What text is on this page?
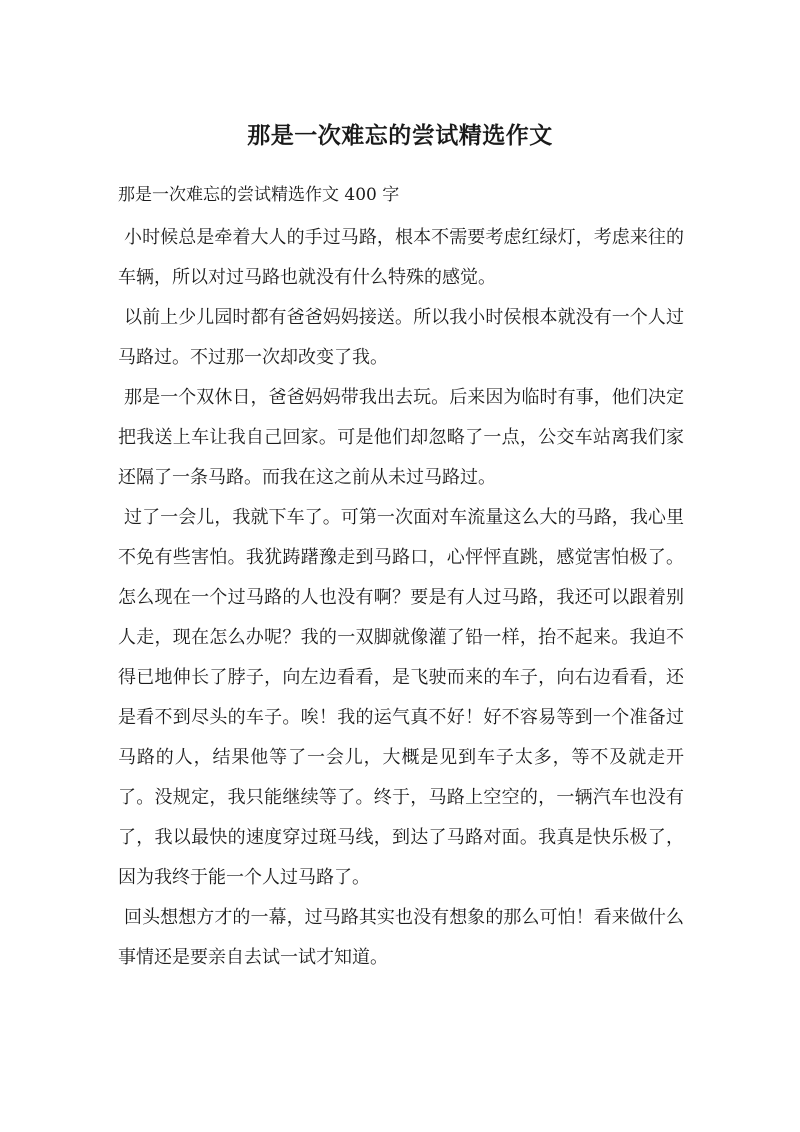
那是一次难忘的尝试精选作文

那是一次难忘的尝试精选作文 400 字

小时候总是牵着大人的手过马路，根本不需要考虑红绿灯，考虑来往的车辆，所以对过马路也就没有什么特殊的感觉。

以前上少儿园时都有爸爸妈妈接送。所以我小时侯根本就没有一个人过马路过。不过那一次却改变了我。

那是一个双休日，爸爸妈妈带我出去玩。后来因为临时有事，他们决定把我送上车让我自己回家。可是他们却忽略了一点，公交车站离我们家还隔了一条马路。而我在这之前从未过马路过。

过了一会儿，我就下车了。可第一次面对车流量这么大的马路，我心里不免有些害怕。我犹踌躇豫走到马路口，心怦怦直跳，感觉害怕极了。怎么现在一个过马路的人也没有啊？要是有人过马路，我还可以跟着别人走，现在怎么办呢？我的一双脚就像灌了铅一样，抬不起来。我迫不得已地伸长了脖子，向左边看看，是飞驶而来的车子，向右边看看，还是看不到尽头的车子。唉！我的运气真不好！好不容易等到一个准备过马路的人，结果他等了一会儿，大概是见到车子太多，等不及就走开了。没规定，我只能继续等了。终于，马路上空空的，一辆汽车也没有了，我以最快的速度穿过斑马线，到达了马路对面。我真是快乐极了，因为我终于能一个人过马路了。

回头想想方才的一幕，过马路其实也没有想象的那么可怕！看来做什么事情还是要亲自去试一试才知道。
